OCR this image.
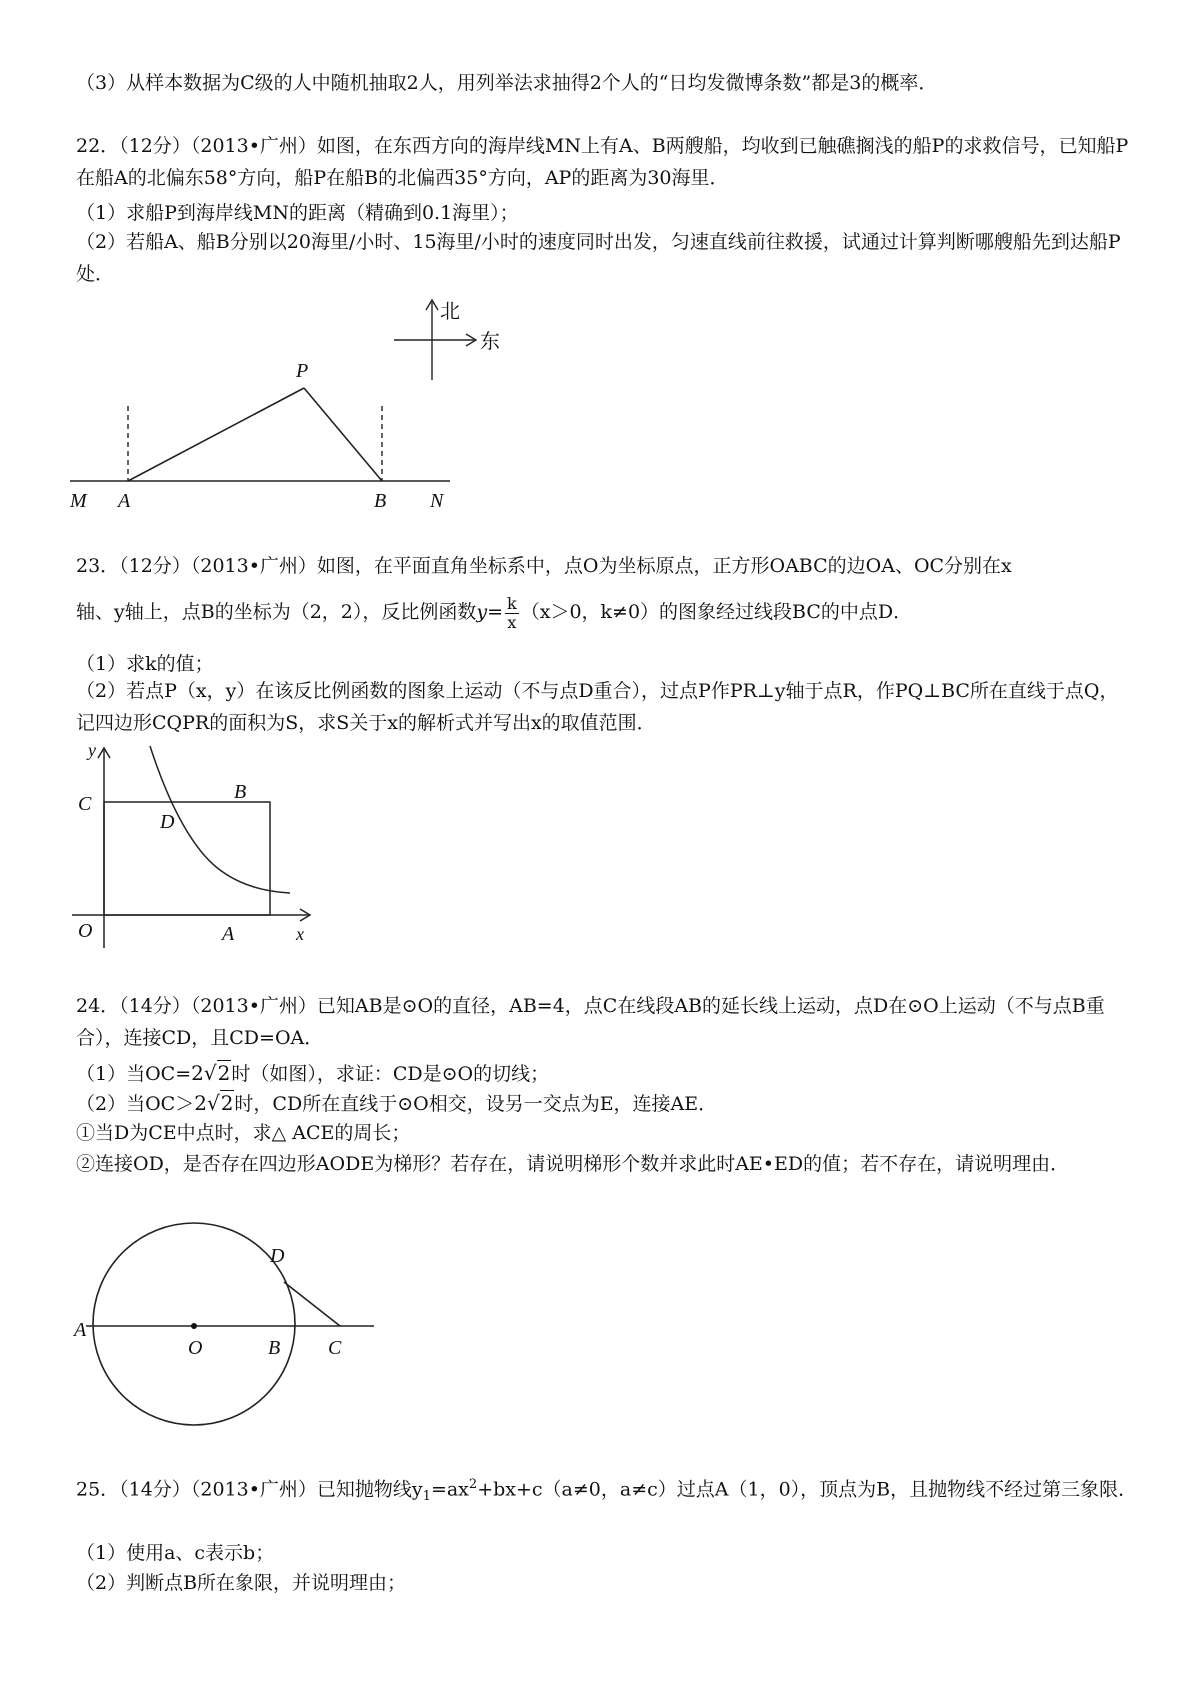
（3）从样本数据为C级的人中随机抽取2人，用列举法求抽得2个人的“日均发微博条数”都是3的概率．
22．（12分）（2013•广州）如图，在东西方向的海岸线MN上有A、B两艘船，均收到已触礁搁浅的船P的求救信号，已知船P在船A的北偏东58°方向，船P在船B的北偏西35°方向，AP的距离为30海里．
（1）求船P到海岸线MN的距离（精确到0.1海里）；
（2）若船A、船B分别以20海里/小时、15海里/小时的速度同时出发，匀速直线前往救援，试通过计算判断哪艘船先到达船P处．
P
M A	B N
北
东
23．（12分）（2013•广州）如图，在平面直角坐标系中，点O为坐标原点，正方形OABC的边OA、OC分别在x
轴、y轴上，点B的坐标为（2，2），反比例函数$y= \frac{k}{x} (x>0$，k≠0）的图象经过线段BC的中点D．
（1）求k的值；
（2）若点P（x，y）在该反比例函数的图象上运动（不与点D重合），过点P作PR⊥y轴于点R，作PQ⊥BC所在直线于点Q，记四边形CQPR的面积为S，求S关于x的解析式并写出x的取值范围．
y
C
D
B
O	A	x
24．（14分）（2013•广州）已知AB是⊙O的直径，AB=4，点C在线段AB的延长线上运动，点D在⊙O上运动（不与点B重合），连接CD，且CD=OA．
（1）当OC=2√2时（如图），求证：CD是⊙O的切线；
（2）当OC＞2√2时，CD所在直线于⊙O相交，设另一交点为E，连接AE．
①当D为CE中点时，求△ ACE的周长；
②连接OD，是否存在四边形AODE为梯形？若存在，请说明梯形个数并求此时AE•ED的值；若不存在，请说明理由．
A
O	B C
D
25．（14分）（2013•广州）已知抛物线$y_1=ax^2+bx+c(a\ne 0$，a≠c）过点A（1，0），顶点为B，且抛物线不经过第三象限．
（1）使用a、c表示b；
（2）判断点B所在象限，并说明理由；
